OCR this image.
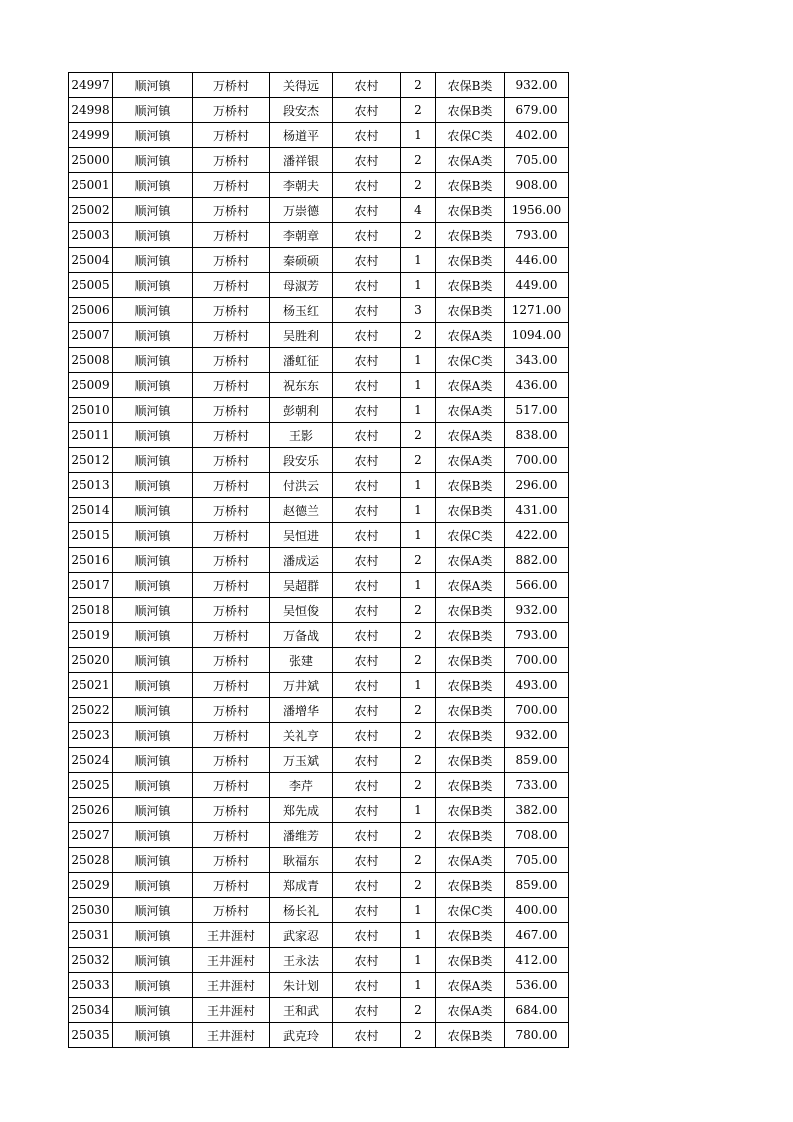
24997	顺河镇	万桥村	关得远	农村	2	农保B类	932.00
24998	顺河镇	万桥村	段安杰	农村	2	农保B类	679.00
24999	顺河镇	万桥村	杨道平	农村	1	农保C类	402.00
25000	顺河镇	万桥村	潘祥银	农村	2	农保A类	705.00
25001	顺河镇	万桥村	李朝夫	农村	2	农保B类	908.00
25002	顺河镇	万桥村	万崇德	农村	4	农保B类	1956.00
25003	顺河镇	万桥村	李朝章	农村	2	农保B类	793.00
25004	顺河镇	万桥村	秦硕硕	农村	1	农保B类	446.00
25005	顺河镇	万桥村	母淑芳	农村	1	农保B类	449.00
25006	顺河镇	万桥村	杨玉红	农村	3	农保B类	1271.00
25007	顺河镇	万桥村	吴胜利	农村	2	农保A类	1094.00
25008	顺河镇	万桥村	潘虹征	农村	1	农保C类	343.00
25009	顺河镇	万桥村	祝东东	农村	1	农保A类	436.00
25010	顺河镇	万桥村	彭朝利	农村	1	农保A类	517.00
25011	顺河镇	万桥村	王影	农村	2	农保A类	838.00
25012	顺河镇	万桥村	段安乐	农村	2	农保A类	700.00
25013	顺河镇	万桥村	付洪云	农村	1	农保B类	296.00
25014	顺河镇	万桥村	赵德兰	农村	1	农保B类	431.00
25015	顺河镇	万桥村	吴恒进	农村	1	农保C类	422.00
25016	顺河镇	万桥村	潘成运	农村	2	农保A类	882.00
25017	顺河镇	万桥村	吴超群	农村	1	农保A类	566.00
25018	顺河镇	万桥村	吴恒俊	农村	2	农保B类	932.00
25019	顺河镇	万桥村	万备战	农村	2	农保B类	793.00
25020	顺河镇	万桥村	张建	农村	2	农保B类	700.00
25021	顺河镇	万桥村	万井斌	农村	1	农保B类	493.00
25022	顺河镇	万桥村	潘增华	农村	2	农保B类	700.00
25023	顺河镇	万桥村	关礼亨	农村	2	农保B类	932.00
25024	顺河镇	万桥村	万玉斌	农村	2	农保B类	859.00
25025	顺河镇	万桥村	李芹	农村	2	农保B类	733.00
25026	顺河镇	万桥村	郑先成	农村	1	农保B类	382.00
25027	顺河镇	万桥村	潘维芳	农村	2	农保B类	708.00
25028	顺河镇	万桥村	耿福东	农村	2	农保A类	705.00
25029	顺河镇	万桥村	郑成青	农村	2	农保B类	859.00
25030	顺河镇	万桥村	杨长礼	农村	1	农保C类	400.00
25031	顺河镇	王井涯村	武家忍	农村	1	农保B类	467.00
25032	顺河镇	王井涯村	王永法	农村	1	农保B类	412.00
25033	顺河镇	王井涯村	朱计划	农村	1	农保A类	536.00
25034	顺河镇	王井涯村	王和武	农村	2	农保A类	684.00
25035	顺河镇	王井涯村	武克玲	农村	2	农保B类	780.00
